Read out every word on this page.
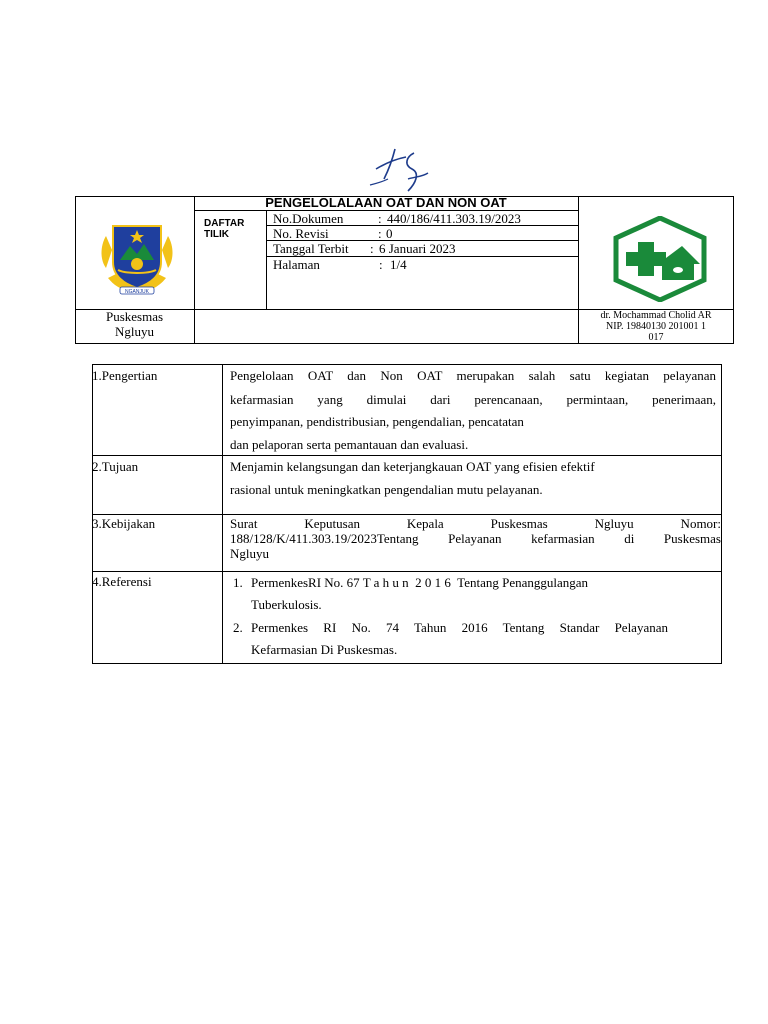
PENGELOLALAAN OAT DAN NON OAT
DAFTAR
TILIK
No.Dokumen	: 440/186/411.303.19/2023
No. Revisi	: 0
Tanggal Terbit : 6 Januari 2023
Halaman	: 1/4
Puskesmas
Ngluyu
dr. Mochammad Cholid AR
NIP. 19840130 201001 1
017
NGANJUK
1.Pengertian	Pengelolaan OAT dan Non OAT merupakan salah satu kegiatan pelayanan
kefarmasian yang dimulai dari perencanaan, permintaan, penerimaan,
penyimpanan, pendistribusian, pengendalian, pencatatan
dan pelaporan serta pemantauan dan evaluasi.
2.Tujuan	Menjamin kelangsungan dan keterjangkauan OAT yang efisien efektif
rasional untuk meningkatkan pengendalian mutu pelayanan.
3.Kebijakan	Surat Keputusan Kepala Puskesmas Ngluyu Nomor:
188/128/K/411.303.19/2023Tentang Pelayanan kefarmasian di Puskesmas
Ngluyu
4.Referensi	1. PermenkesRI No. 67 T a h u n  2 0 1 6  Tentang Penanggulangan
Tuberkulosis.
2. Permenkes RI No. 74 Tahun 2016 Tentang Standar Pelayanan
Kefarmasian Di Puskesmas.
